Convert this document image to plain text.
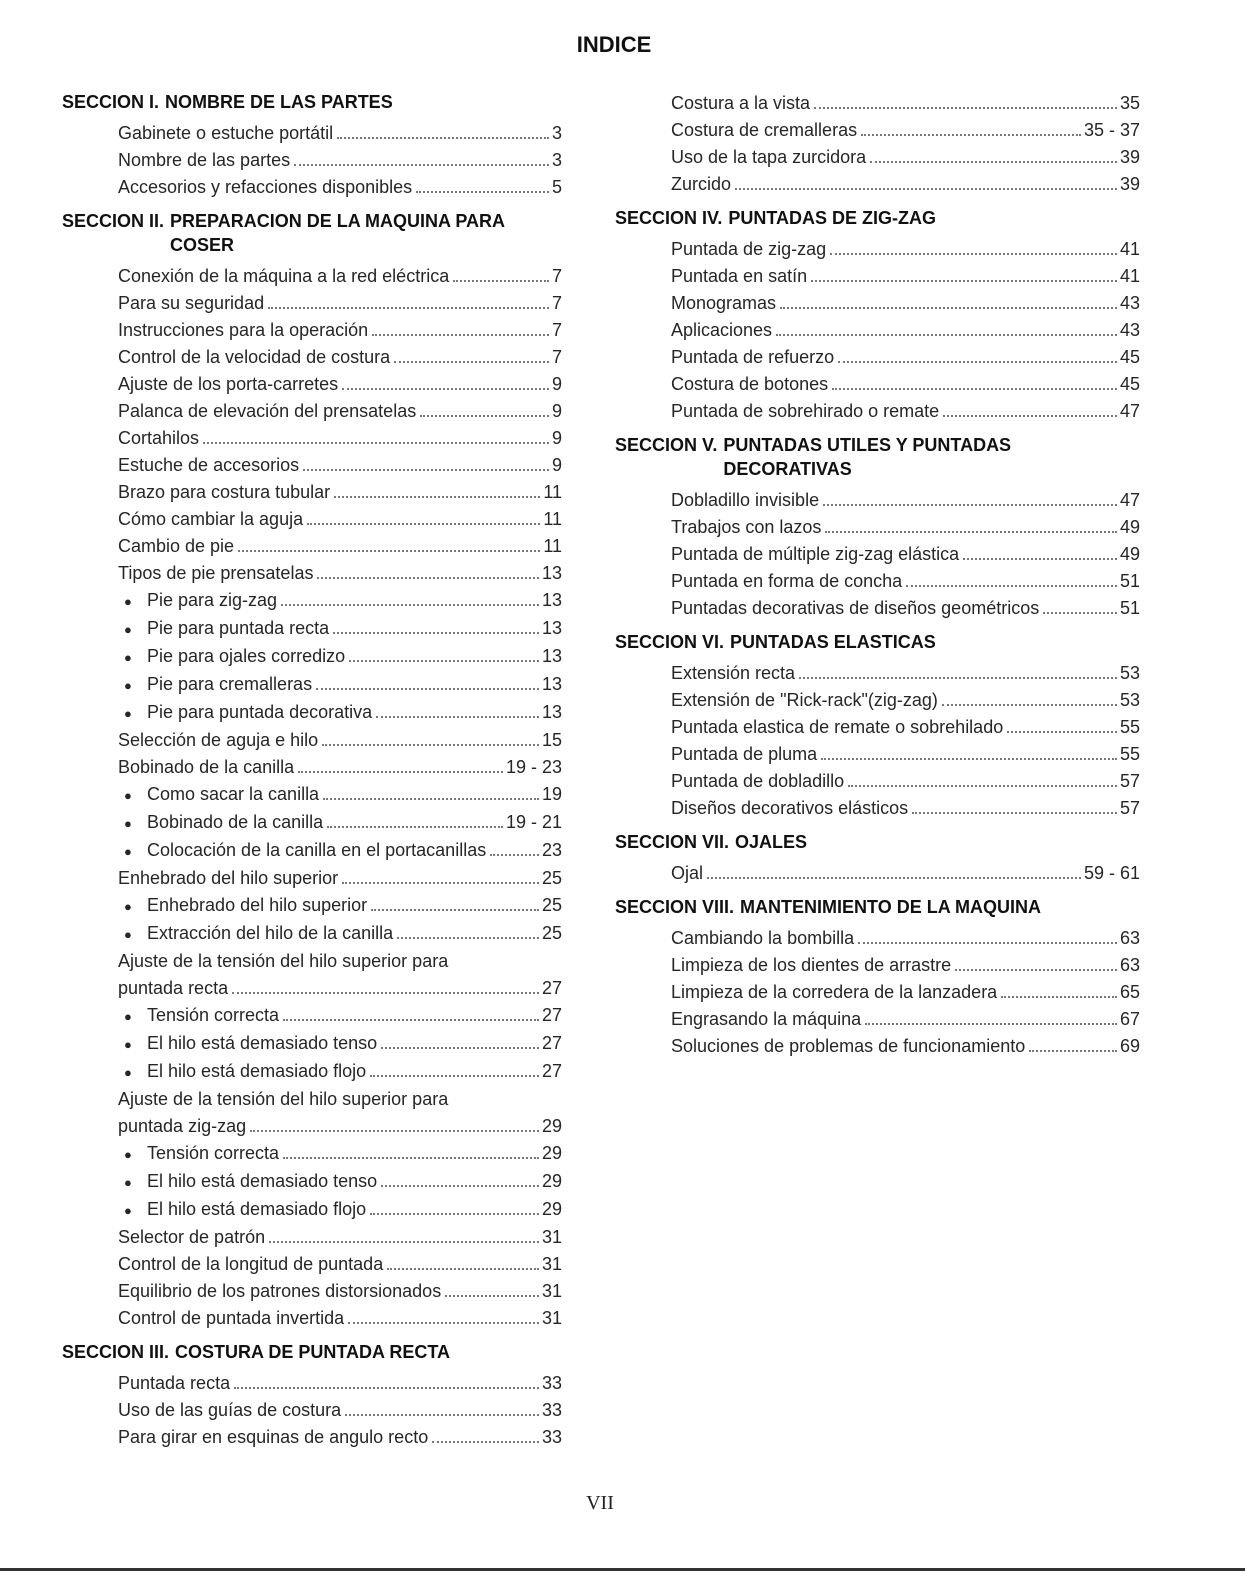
INDICE
SECCION I. NOMBRE DE LAS PARTES
Gabinete o estuche portátil	3
Nombre de las partes	3
Accesorios y refacciones disponibles	5
SECCION II. PREPARACION DE LA MAQUINA PARA COSER
Conexión de la máquina a la red eléctrica	7
Para su seguridad	7
Instrucciones para la operación	7
Control de la velocidad de costura	7
Ajuste de los porta-carretes	9
Palanca de elevación del prensatelas	9
Cortahilos	9
Estuche de accesorios	9
Brazo para costura tubular	11
Cómo cambiar la aguja	11
Cambio de pie	11
Tipos de pie prensatelas	13
● Pie para zig-zag	13
● Pie para puntada recta	13
● Pie para ojales corredizo	13
● Pie para cremalleras	13
● Pie para puntada decorativa	13
Selección de aguja e hilo	15
Bobinado de la canilla	19 - 23
● Como sacar la canilla	19
● Bobinado de la canilla	19 - 21
● Colocación de la canilla en el portacanillas	23
Enhebrado del hilo superior	25
● Enhebrado del hilo superior	25
● Extracción del hilo de la canilla	25
Ajuste de la tensión del hilo superior para
puntada recta	27
● Tensión correcta	27
● El hilo está demasiado tenso	27
● El hilo está demasiado flojo	27
Ajuste de la tensión del hilo superior para
puntada zig-zag	29
● Tensión correcta	29
● El hilo está demasiado tenso	29
● El hilo está demasiado flojo	29
Selector de patrón	31
Control de la longitud de puntada	31
Equilibrio de los patrones distorsionados	31
Control de puntada invertida	31
SECCION III. COSTURA DE PUNTADA RECTA
Puntada recta	33
Uso de las guías de costura	33
Para girar en esquinas de angulo recto	33
Costura a la vista	35
Costura de cremalleras	35 - 37
Uso de la tapa zurcidora	39
Zurcido	39
SECCION IV. PUNTADAS DE ZIG-ZAG
Puntada de zig-zag	41
Puntada en satín	41
Monogramas	43
Aplicaciones	43
Puntada de refuerzo	45
Costura de botones	45
Puntada de sobrehirado o remate	47
SECCION V. PUNTADAS UTILES Y PUNTADAS DECORATIVAS
Dobladillo invisible	47
Trabajos con lazos	49
Puntada de múltiple zig-zag elástica	49
Puntada en forma de concha	51
Puntadas decorativas de diseños geométricos	51
SECCION VI. PUNTADAS ELASTICAS
Extensión recta	53
Extensión de "Rick-rack"(zig-zag)	53
Puntada elastica de remate o sobrehilado	55
Puntada de pluma	55
Puntada de dobladillo	57
Diseños decorativos elásticos	57
SECCION VII. OJALES
Ojal	59 - 61
SECCION VIII. MANTENIMIENTO DE LA MAQUINA
Cambiando la bombilla	63
Limpieza de los dientes de arrastre	63
Limpieza de la corredera de la lanzadera	65
Engrasando la máquina	67
Soluciones de problemas de funcionamiento	69
VII
